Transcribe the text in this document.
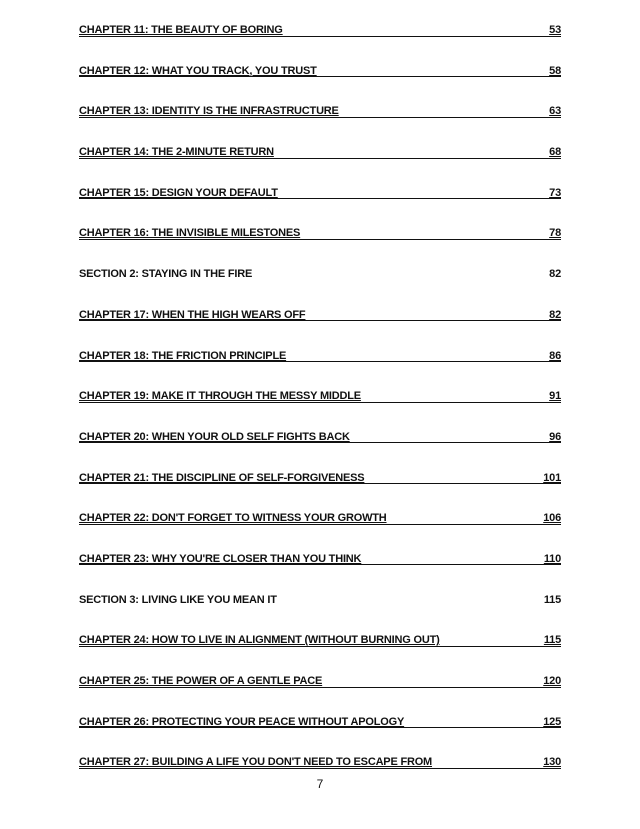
CHAPTER 11: THE BEAUTY OF BORING	53
CHAPTER 12: WHAT YOU TRACK, YOU TRUST	58
CHAPTER 13: IDENTITY IS THE INFRASTRUCTURE	63
CHAPTER 14: THE 2-MINUTE RETURN	68
CHAPTER 15: DESIGN YOUR DEFAULT	73
CHAPTER 16: THE INVISIBLE MILESTONES	78
SECTION 2: STAYING IN THE FIRE	82
CHAPTER 17: WHEN THE HIGH WEARS OFF	82
CHAPTER 18: THE FRICTION PRINCIPLE	86
CHAPTER 19: MAKE IT THROUGH THE MESSY MIDDLE	91
CHAPTER 20: WHEN YOUR OLD SELF FIGHTS BACK	96
CHAPTER 21: THE DISCIPLINE OF SELF-FORGIVENESS	101
CHAPTER 22: DON'T FORGET TO WITNESS YOUR GROWTH	106
CHAPTER 23: WHY YOU'RE CLOSER THAN YOU THINK	110
SECTION 3: LIVING LIKE YOU MEAN IT	115
CHAPTER 24: HOW TO LIVE IN ALIGNMENT (WITHOUT BURNING OUT)	115
CHAPTER 25: THE POWER OF A GENTLE PACE	120
CHAPTER 26: PROTECTING YOUR PEACE WITHOUT APOLOGY	125
CHAPTER 27: BUILDING A LIFE YOU DON'T NEED TO ESCAPE FROM	130
7
